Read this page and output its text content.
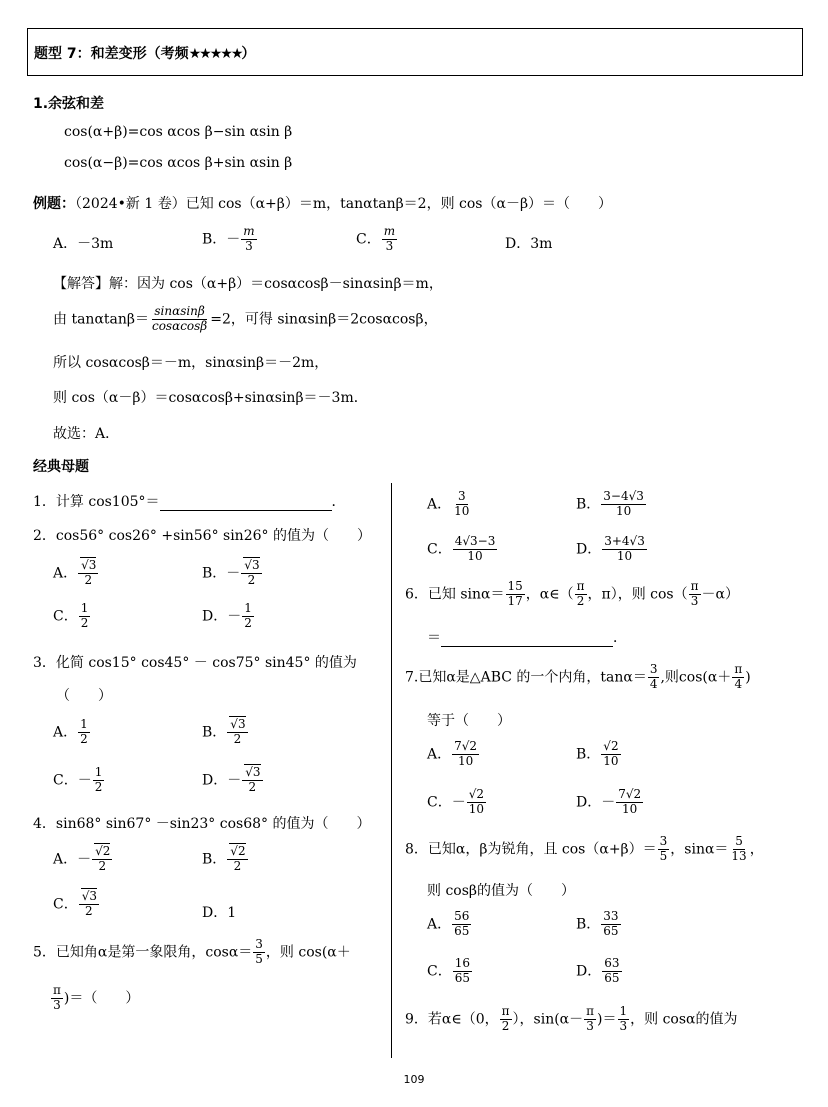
题型 7：和差变形（考频★★★★★）
1.余弦和差
cos(α+β)=cos αcos β−sin αsin β
cos(α−β)=cos αcos β+sin αsin β
例题：（2024•新 1 卷）已知 cos（α+β）＝m，tanαtanβ＝2，则 cos（α－β）＝（　　）
A．－3m	B．－ $\frac{m}{3}$	C． $\frac{m}{3}$	D．3m
【解答】解：因为 cos（α+β）＝cosαcosβ－sinαsinβ＝m，
由 $\tan\alpha\tan\beta= \frac{\sin\alpha\sin\beta}{\cos\alpha\cos\beta} =2$，可得 sinαsinβ＝2cosαcosβ，
所以 cosαcosβ＝－m，sinαsinβ＝－2m，
则 cos（α－β）＝cosαcosβ+sinαsinβ＝－3m．
故选：A．
经典母题
1．计算 cos105°＝	．
2．cos56° cos26° +sin56° sin26° 的值为（　　）
A． $\frac{√3}{2}$	B．－ $\frac{√3}{2}$
C． $\frac{1}{2}$	D．－ $\frac{1}{2}$
3．化简 cos15° cos45° － cos75° sin45° 的值为
（　　）
A． $\frac{1}{2}$	B． $\frac{√3}{2}$
C．－ $\frac{1}{2}$	D．－ $\frac{√3}{2}$
4．sin68° sin67° －sin23° cos68° 的值为（　　）
A．－ $\frac{√2}{2}$	B． $\frac{√2}{2}$
C． $\frac{√3}{2}$	D．1
5．已知角α是第一象限角，$\cos\alpha= \frac{3}{5}$ ，则 cos(α＋
$\frac{\pi}{3}$ )＝（　　）
A． $\frac{3}{10}$	B． $\frac{3-4√3}{10}$
C． $\frac{4√3-3}{10}$	D． $\frac{3+4√3}{10}$
6．已知 $\sin\alpha= \frac{15}{17}$ ，α∈（ $\frac{\pi}{2}$ ，π），则 $\cos( \frac{\pi}{3} -\alpha)$
＝	．
7.已知α是△ABC 的一个内角，$\tan\alpha= \frac{3}{4}$ ,则$\cos(\alpha+ \frac{\pi}{4}$ )
等于（　　）
A． $\frac{7√2}{10}$	B． $\frac{√2}{10}$
C．－ $\frac{√2}{10}$	D．－ $\frac{7√2}{10}$
8．已知α，β为锐角，且 $\cos(\alpha+\beta)= \frac{3}{5}$ ，$\sin\alpha= \frac{5}{13}$ ，
则 cosβ的值为（　　）
A． $\frac{56}{65}$	B． $\frac{33}{65}$
C． $\frac{16}{65}$	D． $\frac{63}{65}$
9．若α∈（0， $\frac{\pi}{2}$ ），$\sin(\alpha- \frac{\pi}{3}$ )＝ $\frac{1}{3}$ ，则 cosα的值为
109
